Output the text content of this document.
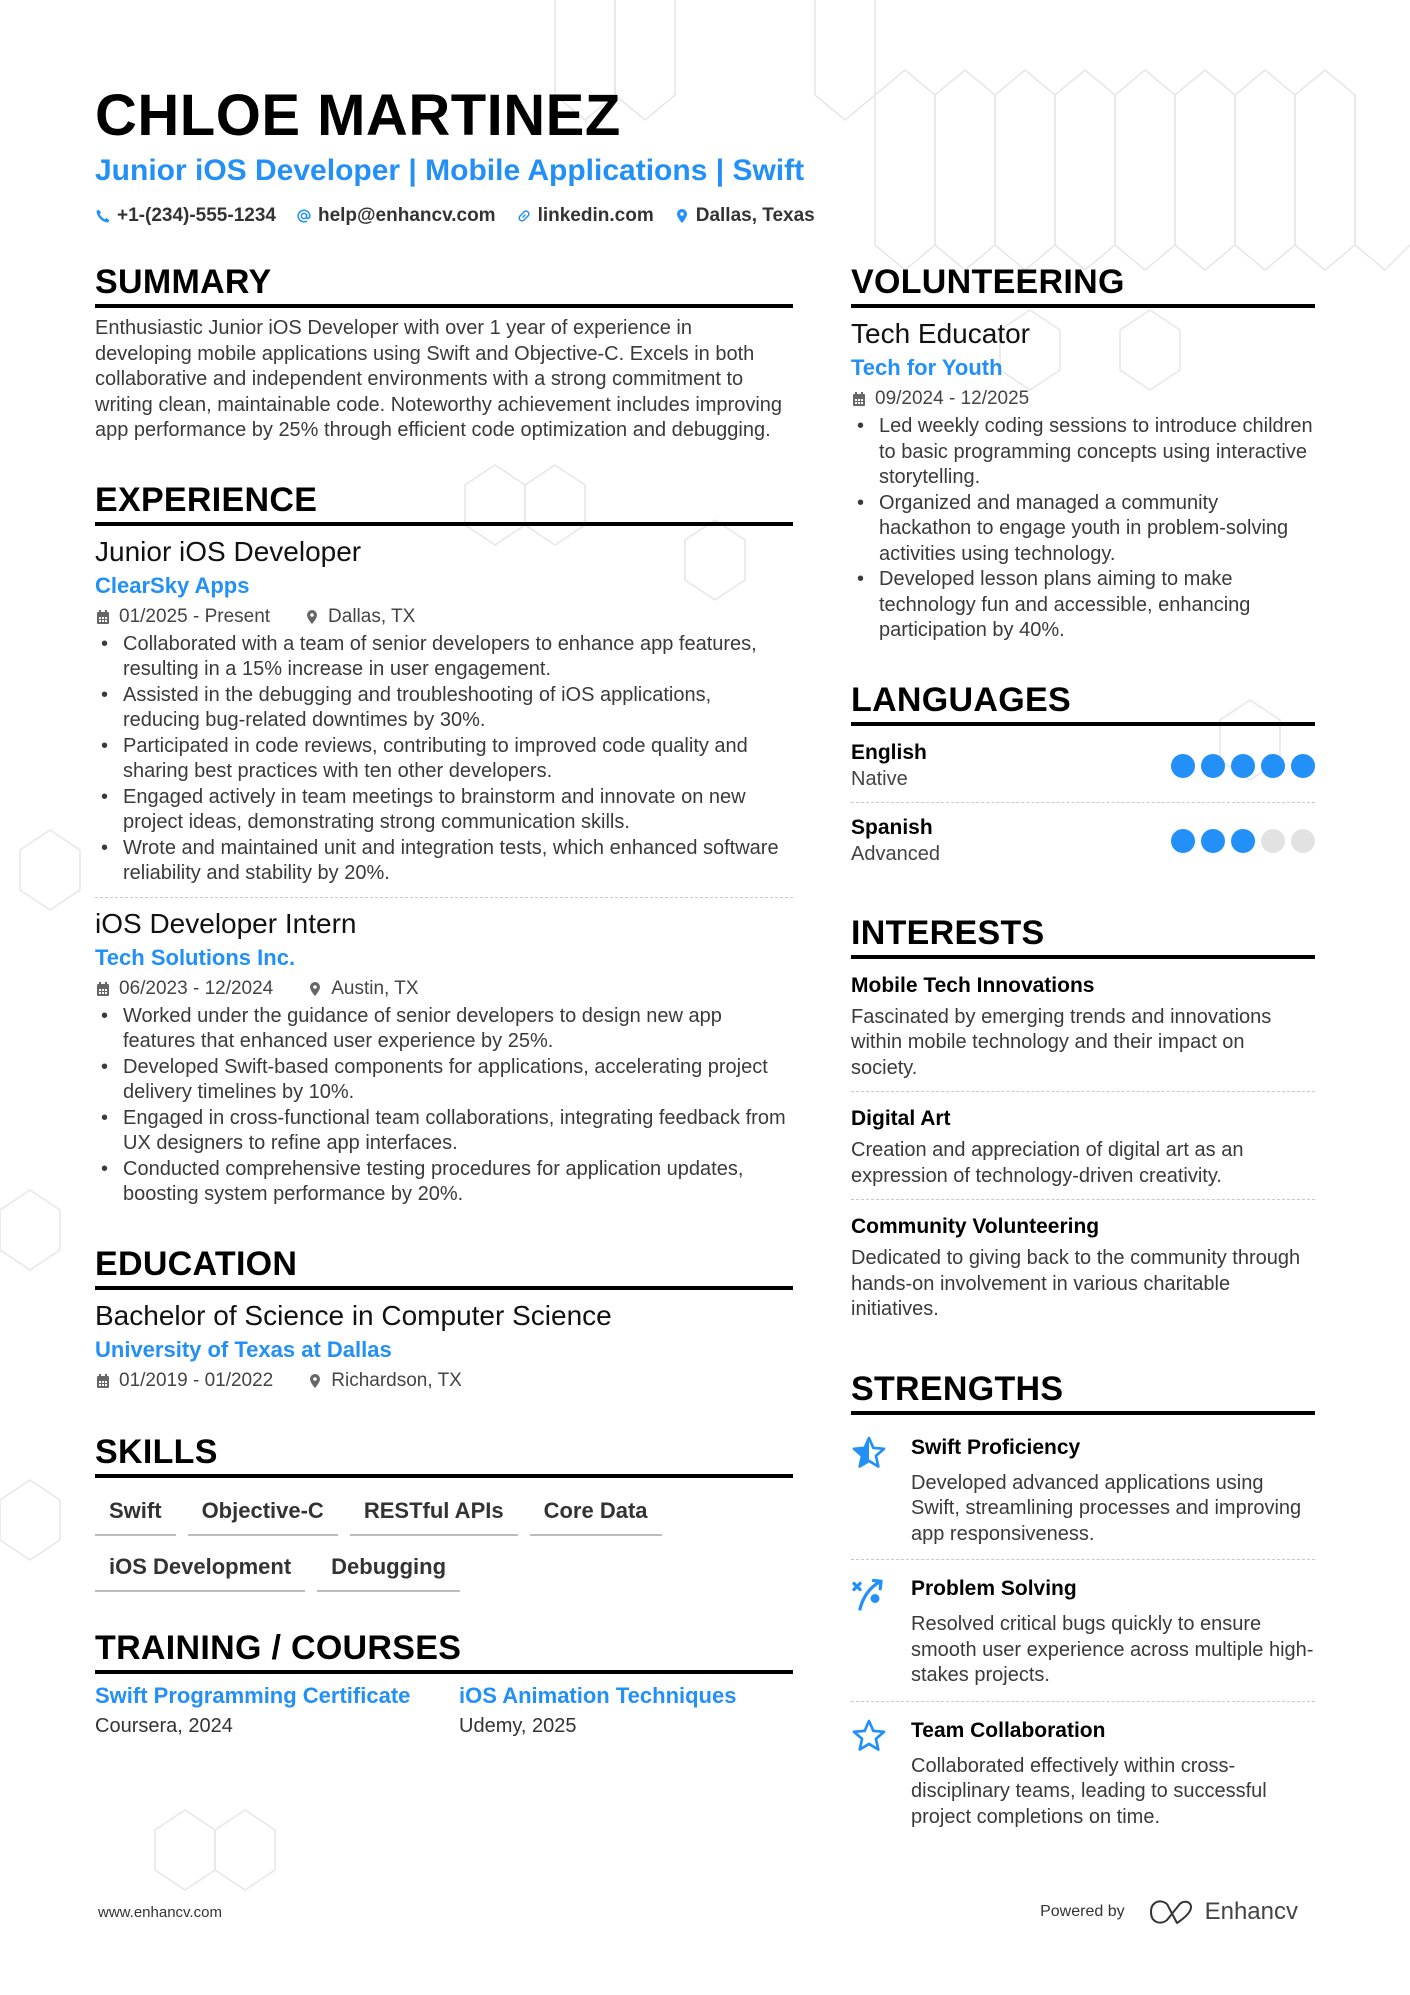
CHLOE MARTINEZ
Junior iOS Developer | Mobile Applications | Swift
+1-(234)-555-1234 help@enhancv.com linkedin.com Dallas, Texas
SUMMARY

Enthusiastic Junior iOS Developer with over 1 year of experience in developing mobile applications using Swift and Objective-C. Excels in both collaborative and independent environments with a strong commitment to writing clean, maintainable code. Noteworthy achievement includes improving app performance by 25% through efficient code optimization and debugging.

EXPERIENCE
Junior iOS Developer
ClearSky Apps
01/2025 - Present	Dallas, TX
• Collaborated with a team of senior developers to enhance app features, resulting in a 15% increase in user engagement.
• Assisted in the debugging and troubleshooting of iOS applications, reducing bug-related downtimes by 30%.
• Participated in code reviews, contributing to improved code quality and sharing best practices with ten other developers.
• Engaged actively in team meetings to brainstorm and innovate on new project ideas, demonstrating strong communication skills.
• Wrote and maintained unit and integration tests, which enhanced software reliability and stability by 20%.
iOS Developer Intern
Tech Solutions Inc.
06/2023 - 12/2024	Austin, TX
• Worked under the guidance of senior developers to design new app features that enhanced user experience by 25%.
• Developed Swift-based components for applications, accelerating project delivery timelines by 10%.
• Engaged in cross-functional team collaborations, integrating feedback from UX designers to refine app interfaces.
• Conducted comprehensive testing procedures for application updates, boosting system performance by 20%.
EDUCATION
Bachelor of Science in Computer Science
University of Texas at Dallas
01/2019 - 01/2022	Richardson, TX
SKILLS
Swift	Objective-C	RESTful APIs	Core Data
iOS Development	Debugging
TRAINING / COURSES
Swift Programming Certificate
Coursera, 2024
iOS Animation Techniques
Udemy, 2025
VOLUNTEERING
Tech Educator
Tech for Youth
09/2024 - 12/2025
• Led weekly coding sessions to introduce children to basic programming concepts using interactive storytelling.
• Organized and managed a community hackathon to engage youth in problem-solving activities using technology.
• Developed lesson plans aiming to make technology fun and accessible, enhancing participation by 40%.
LANGUAGES
English
Native
Spanish
Advanced
INTERESTS
Mobile Tech Innovations
Fascinated by emerging trends and innovations within mobile technology and their impact on society.
Digital Art
Creation and appreciation of digital art as an expression of technology-driven creativity.
Community Volunteering
Dedicated to giving back to the community through hands-on involvement in various charitable initiatives.
STRENGTHS
Swift Proficiency
Developed advanced applications using Swift, streamlining processes and improving app responsiveness.
Problem Solving
Resolved critical bugs quickly to ensure smooth user experience across multiple high-stakes projects.
Team Collaboration
Collaborated effectively within cross-disciplinary teams, leading to successful project completions on time.
www.enhancv.com	Powered by	Enhancv
